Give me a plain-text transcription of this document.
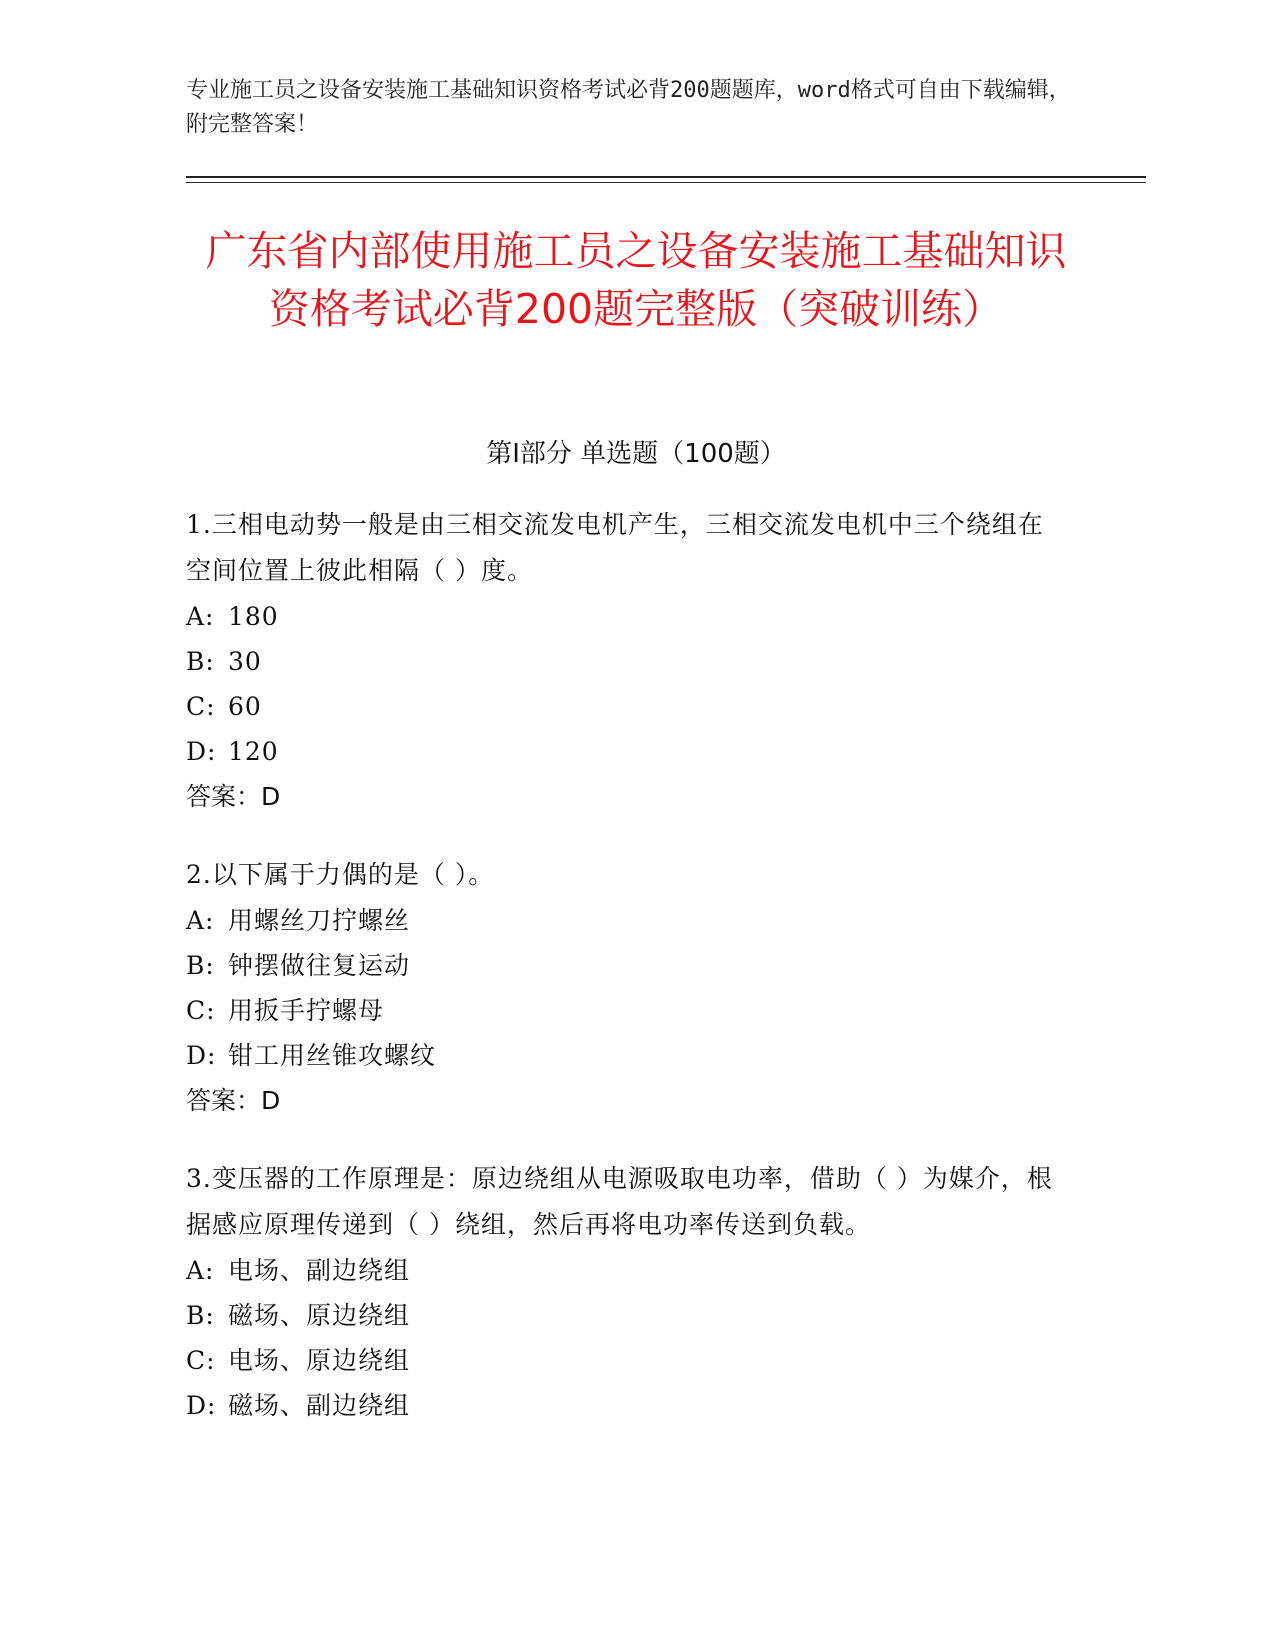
专业施工员之设备安装施工基础知识资格考试必背200题题库，word格式可自由下载编辑，附完整答案！
广东省内部使用施工员之设备安装施工基础知识资格考试必背200题完整版（突破训练）
第Ⅰ部分 单选题（100题）

1.三相电动势一般是由三相交流发电机产生，三相交流发电机中三个绕组在空间位置上彼此相隔（ ）度。

A: 180

B: 30

C: 60

D: 120

答案：D

2.以下属于力偶的是（ ）。

A: 用螺丝刀拧螺丝

B: 钟摆做往复运动

C: 用扳手拧螺母

D: 钳工用丝锥攻螺纹

答案：D

3.变压器的工作原理是：原边绕组从电源吸取电功率，借助（ ）为媒介，根据感应原理传递到（ ）绕组，然后再将电功率传送到负载。

A: 电场、副边绕组

B: 磁场、原边绕组

C: 电场、原边绕组

D: 磁场、副边绕组
